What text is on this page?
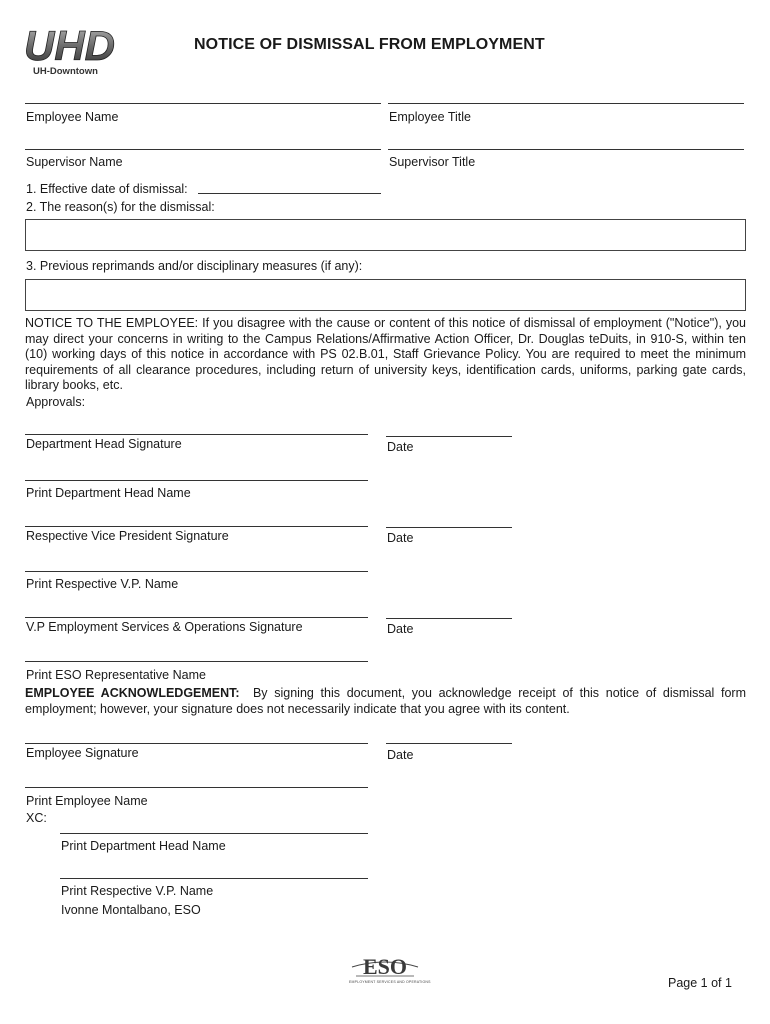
UHD
UH-Downtown
NOTICE OF DISMISSAL FROM EMPLOYMENT
Employee Name	Employee Title
Supervisor Name	Supervisor Title
1. Effective date of dismissal:
2. The reason(s) for the dismissal:
3. Previous reprimands and/or disciplinary measures (if any):
NOTICE TO THE EMPLOYEE: If you disagree with the cause or content of this notice of dismissal of employment ("Notice"), you may direct your concerns in writing to the Campus Relations/Affirmative Action Officer, Dr. Douglas teDuits, in 910-S, within ten (10) working days of this notice in accordance with PS 02.B.01, Staff Grievance Policy. You are required to meet the minimum requirements of all clearance procedures, including return of university keys, identification cards, uniforms, parking gate cards, library books, etc.
Approvals:
Department Head Signature	Date
Print Department Head Name
Respective Vice President Signature	Date
Print Respective V.P. Name
V.P Employment Services & Operations Signature	Date
Print ESO Representative Name
EMPLOYEE ACKNOWLEDGEMENT: By signing this document, you acknowledge receipt of this notice of dismissal form employment; however, your signature does not necessarily indicate that you agree with its content.
Employee Signature	Date
Print Employee Name
XC:
Print Department Head Name
Print Respective V.P. Name
Ivonne Montalbano, ESO
ESO
EMPLOYMENT SERVICES AND OPERATIONS	Page 1 of 1
